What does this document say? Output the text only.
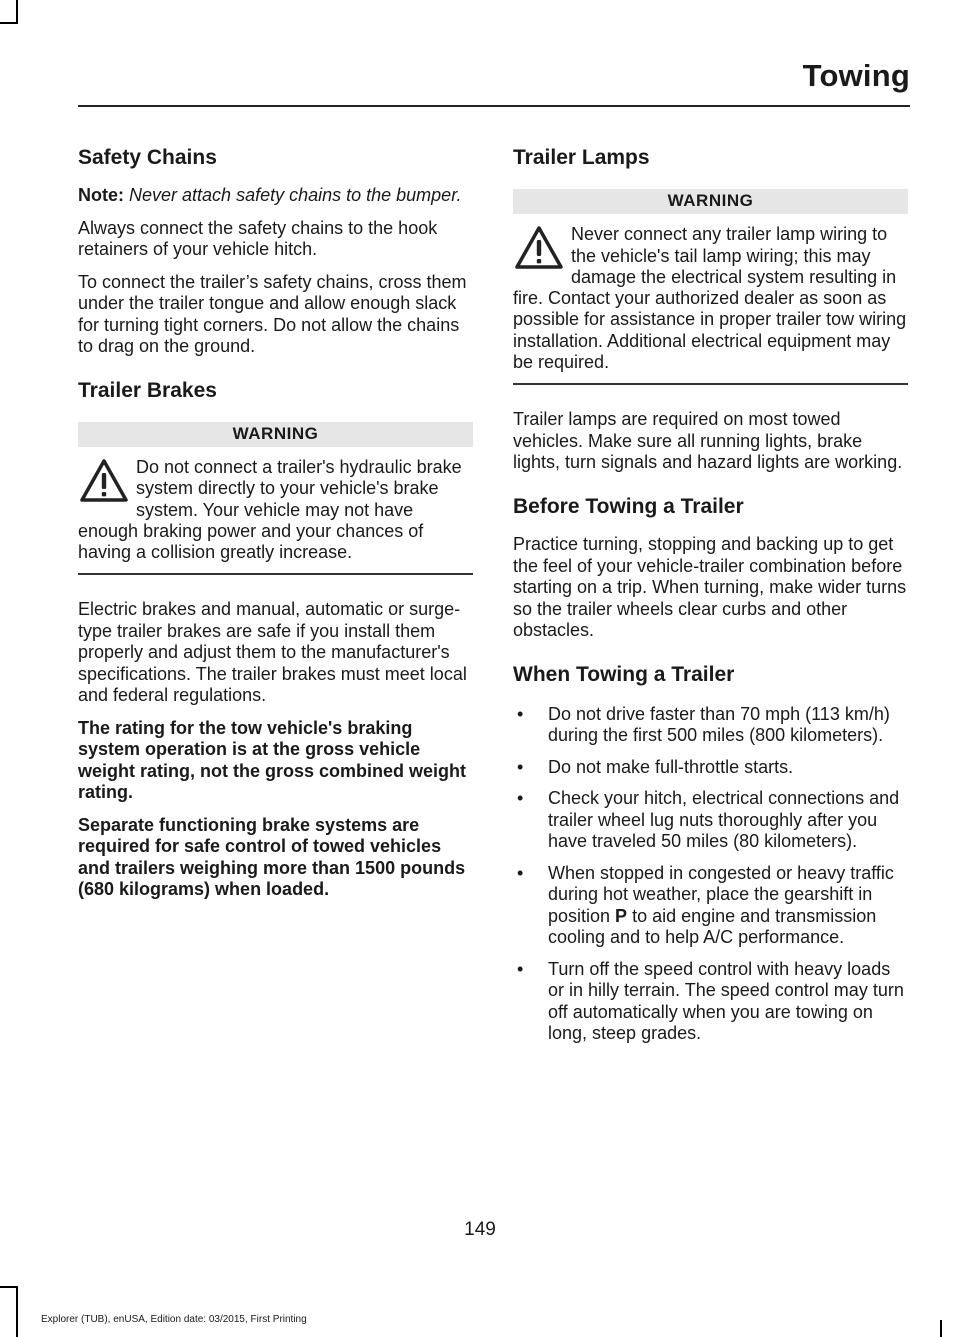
Towing
Safety Chains

Note: Never attach safety chains to the bumper.

Always connect the safety chains to the hook retainers of your vehicle hitch.

To connect the trailer’s safety chains, cross them under the trailer tongue and allow enough slack for turning tight corners. Do not allow the chains to drag on the ground.

Trailer Brakes
WARNING
Do not connect a trailer's hydraulic brake system directly to your vehicle's brake system. Your vehicle may not have enough braking power and your chances of having a collision greatly increase.

Electric brakes and manual, automatic or surge-type trailer brakes are safe if you install them properly and adjust them to the manufacturer's specifications. The trailer brakes must meet local and federal regulations.

The rating for the tow vehicle's braking system operation is at the gross vehicle weight rating, not the gross combined weight rating.

Separate functioning brake systems are required for safe control of towed vehicles and trailers weighing more than 1500 pounds (680 kilograms) when loaded.

Trailer Lamps
WARNING
Never connect any trailer lamp wiring to the vehicle's tail lamp wiring; this may damage the electrical system resulting in fire. Contact your authorized dealer as soon as possible for assistance in proper trailer tow wiring installation. Additional electrical equipment may be required.

Trailer lamps are required on most towed vehicles. Make sure all running lights, brake lights, turn signals and hazard lights are working.

Before Towing a Trailer

Practice turning, stopping and backing up to get the feel of your vehicle-trailer combination before starting on a trip. When turning, make wider turns so the trailer wheels clear curbs and other obstacles.

When Towing a Trailer
• Do not drive faster than 70 mph (113 km/h) during the first 500 miles (800 kilometers).
• Do not make full-throttle starts.
• Check your hitch, electrical connections and trailer wheel lug nuts thoroughly after you have traveled 50 miles (80 kilometers).
• When stopped in congested or heavy traffic during hot weather, place the gearshift in position P to aid engine and transmission cooling and to help A/C performance.
• Turn off the speed control with heavy loads or in hilly terrain. The speed control may turn off automatically when you are towing on long, steep grades.
149
Explorer (TUB), enUSA, Edition date: 03/2015, First Printing
